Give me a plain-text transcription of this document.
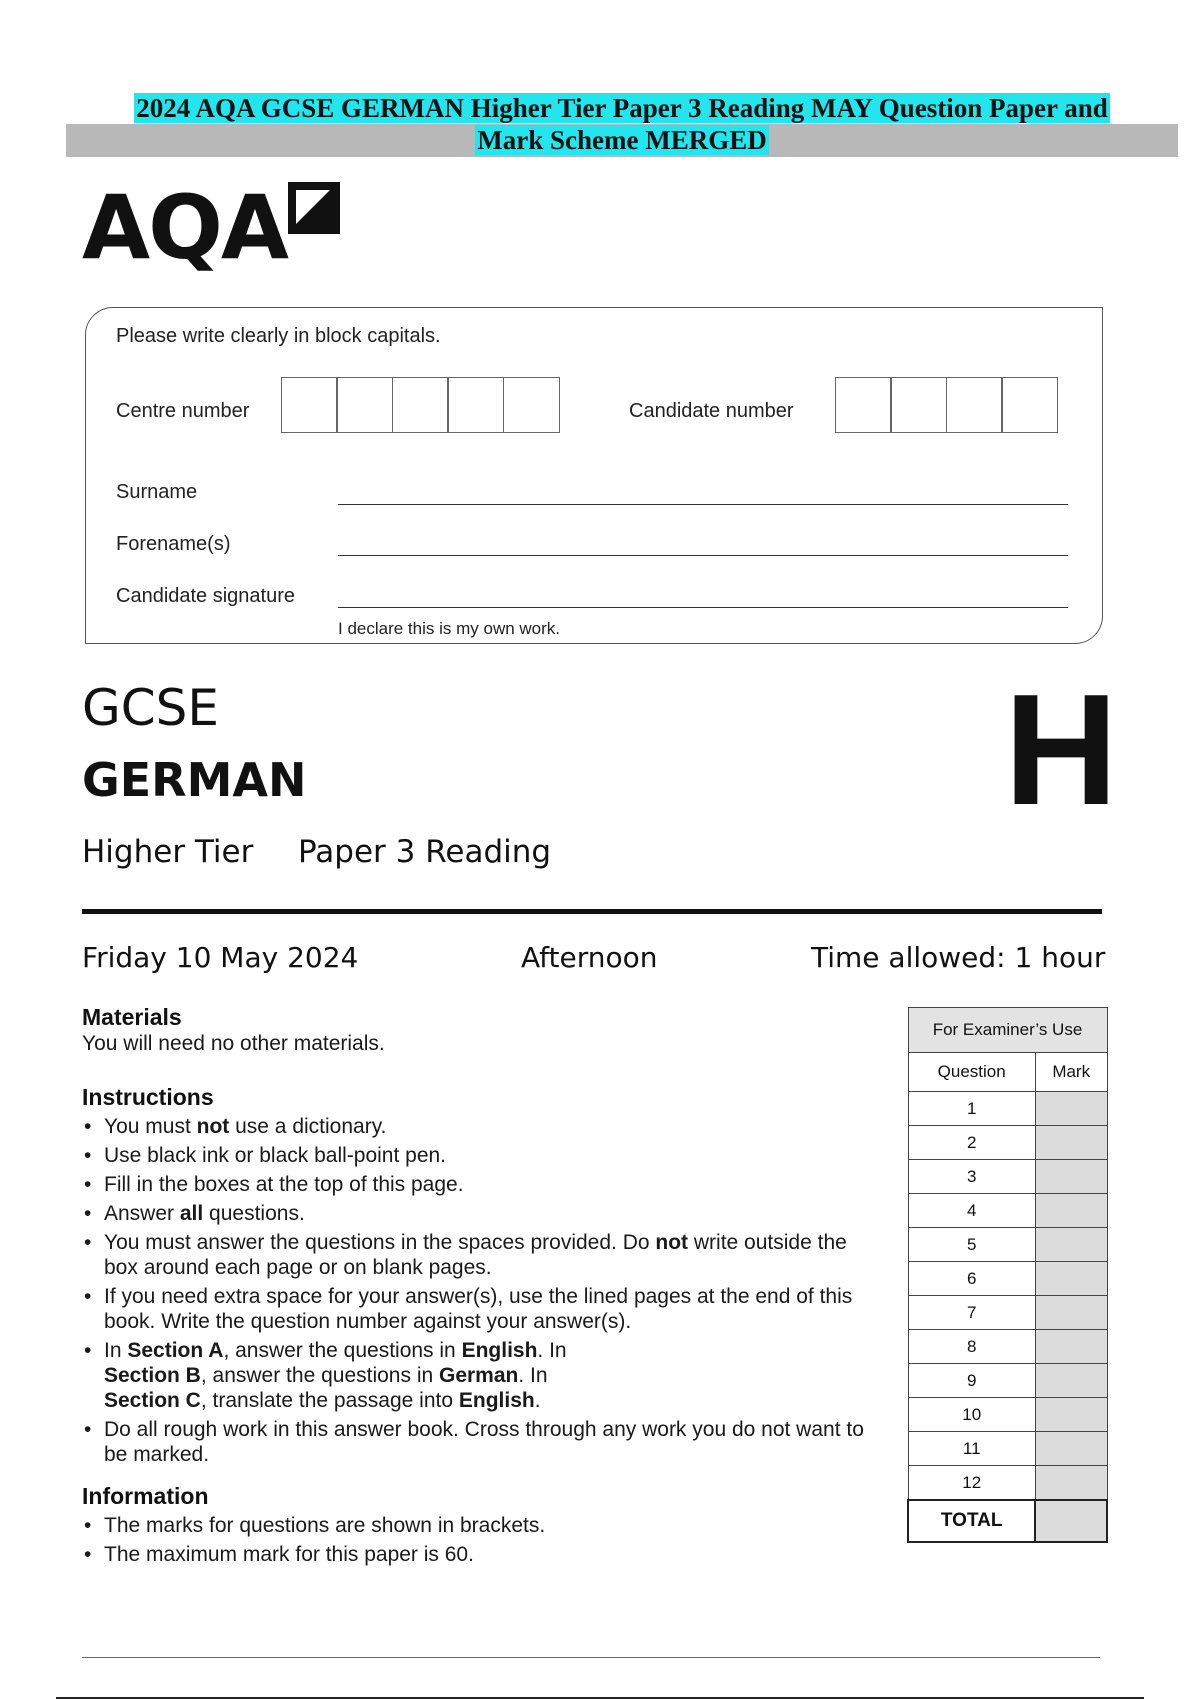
2024 AQA GCSE GERMAN Higher Tier Paper 3 Reading MAY Question Paper and
Mark Scheme MERGED
AQA
Please write clearly in block capitals.
Centre number	Candidate number
Surname
Forename(s)
Candidate signature
I declare this is my own work.
GCSE
GERMAN
Higher Tier Paper 3 Reading
H
Friday 10 May 2024	Afternoon	Time allowed: 1 hour
Materials
You will need no other materials.
Instructions
• You must not use a dictionary.
• Use black ink or black ball-point pen.
• Fill in the boxes at the top of this page.
• Answer all questions.
• You must answer the questions in the spaces provided. Do not write outside the box around each page or on blank pages.
• If you need extra space for your answer(s), use the lined pages at the end of this book. Write the question number against your answer(s).
• In Section A, answer the questions in English. In
Section B, answer the questions in German. In
Section C, translate the passage into English.
• Do all rough work in this answer book. Cross through any work you do not want to be marked.
Information
• The marks for questions are shown in brackets.
• The maximum mark for this paper is 60.
For Examiner’s Use	
Question	Mark
1	
2	
3	
4	
5	
6	
7	
8	
9	
10	
11	
12	
TOTAL	
